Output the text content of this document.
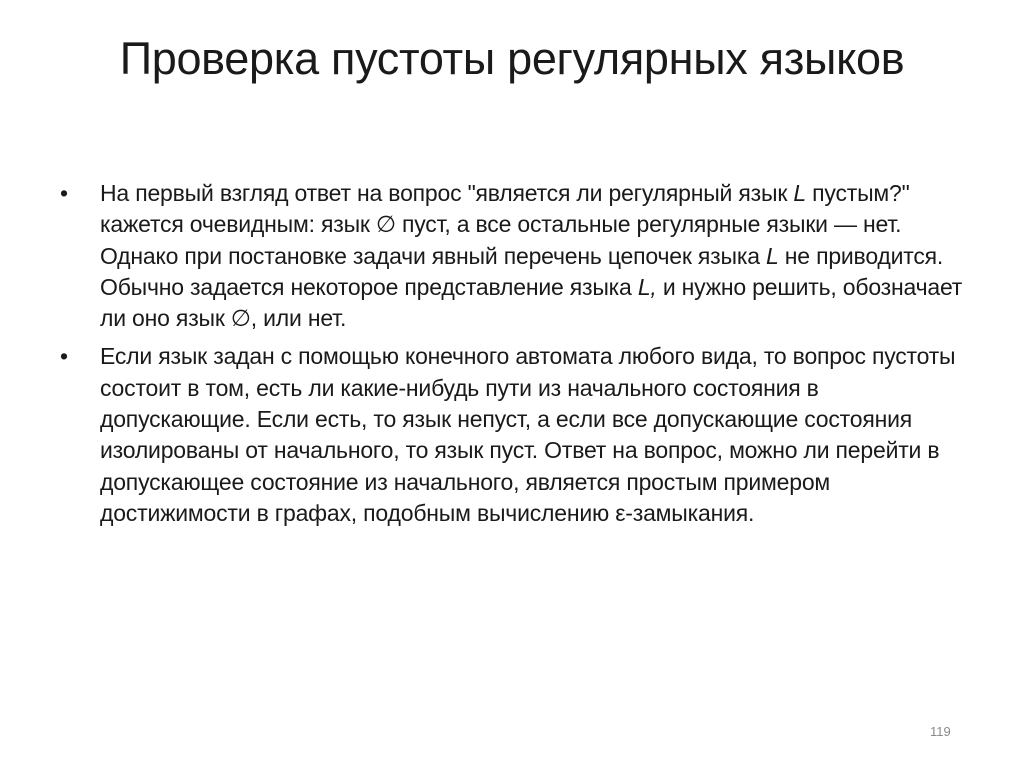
Проверка пустоты регулярных языков
• На первый взгляд ответ на вопрос "является ли регулярный язык L пустым?" кажется очевидным: язык ∅ пуст, а все остальные регулярные языки — нет. Однако при постановке задачи явный перечень цепочек языка L не приводится. Обычно задается некоторое представление языка L, и нужно решить, обозначает ли оно язык ∅, или нет.
• Если язык задан с помощью конечного автомата любого вида, то вопрос пустоты состоит в том, есть ли какие-нибудь пути из начального состояния в допускающие. Если есть, то язык непуст, а если все допускающие состояния изолированы от начального, то язык пуст. Ответ на вопрос, можно ли перейти в допускающее состояние из начального, является простым примером достижимости в графах, подобным вычислению ε-замыкания.
119
